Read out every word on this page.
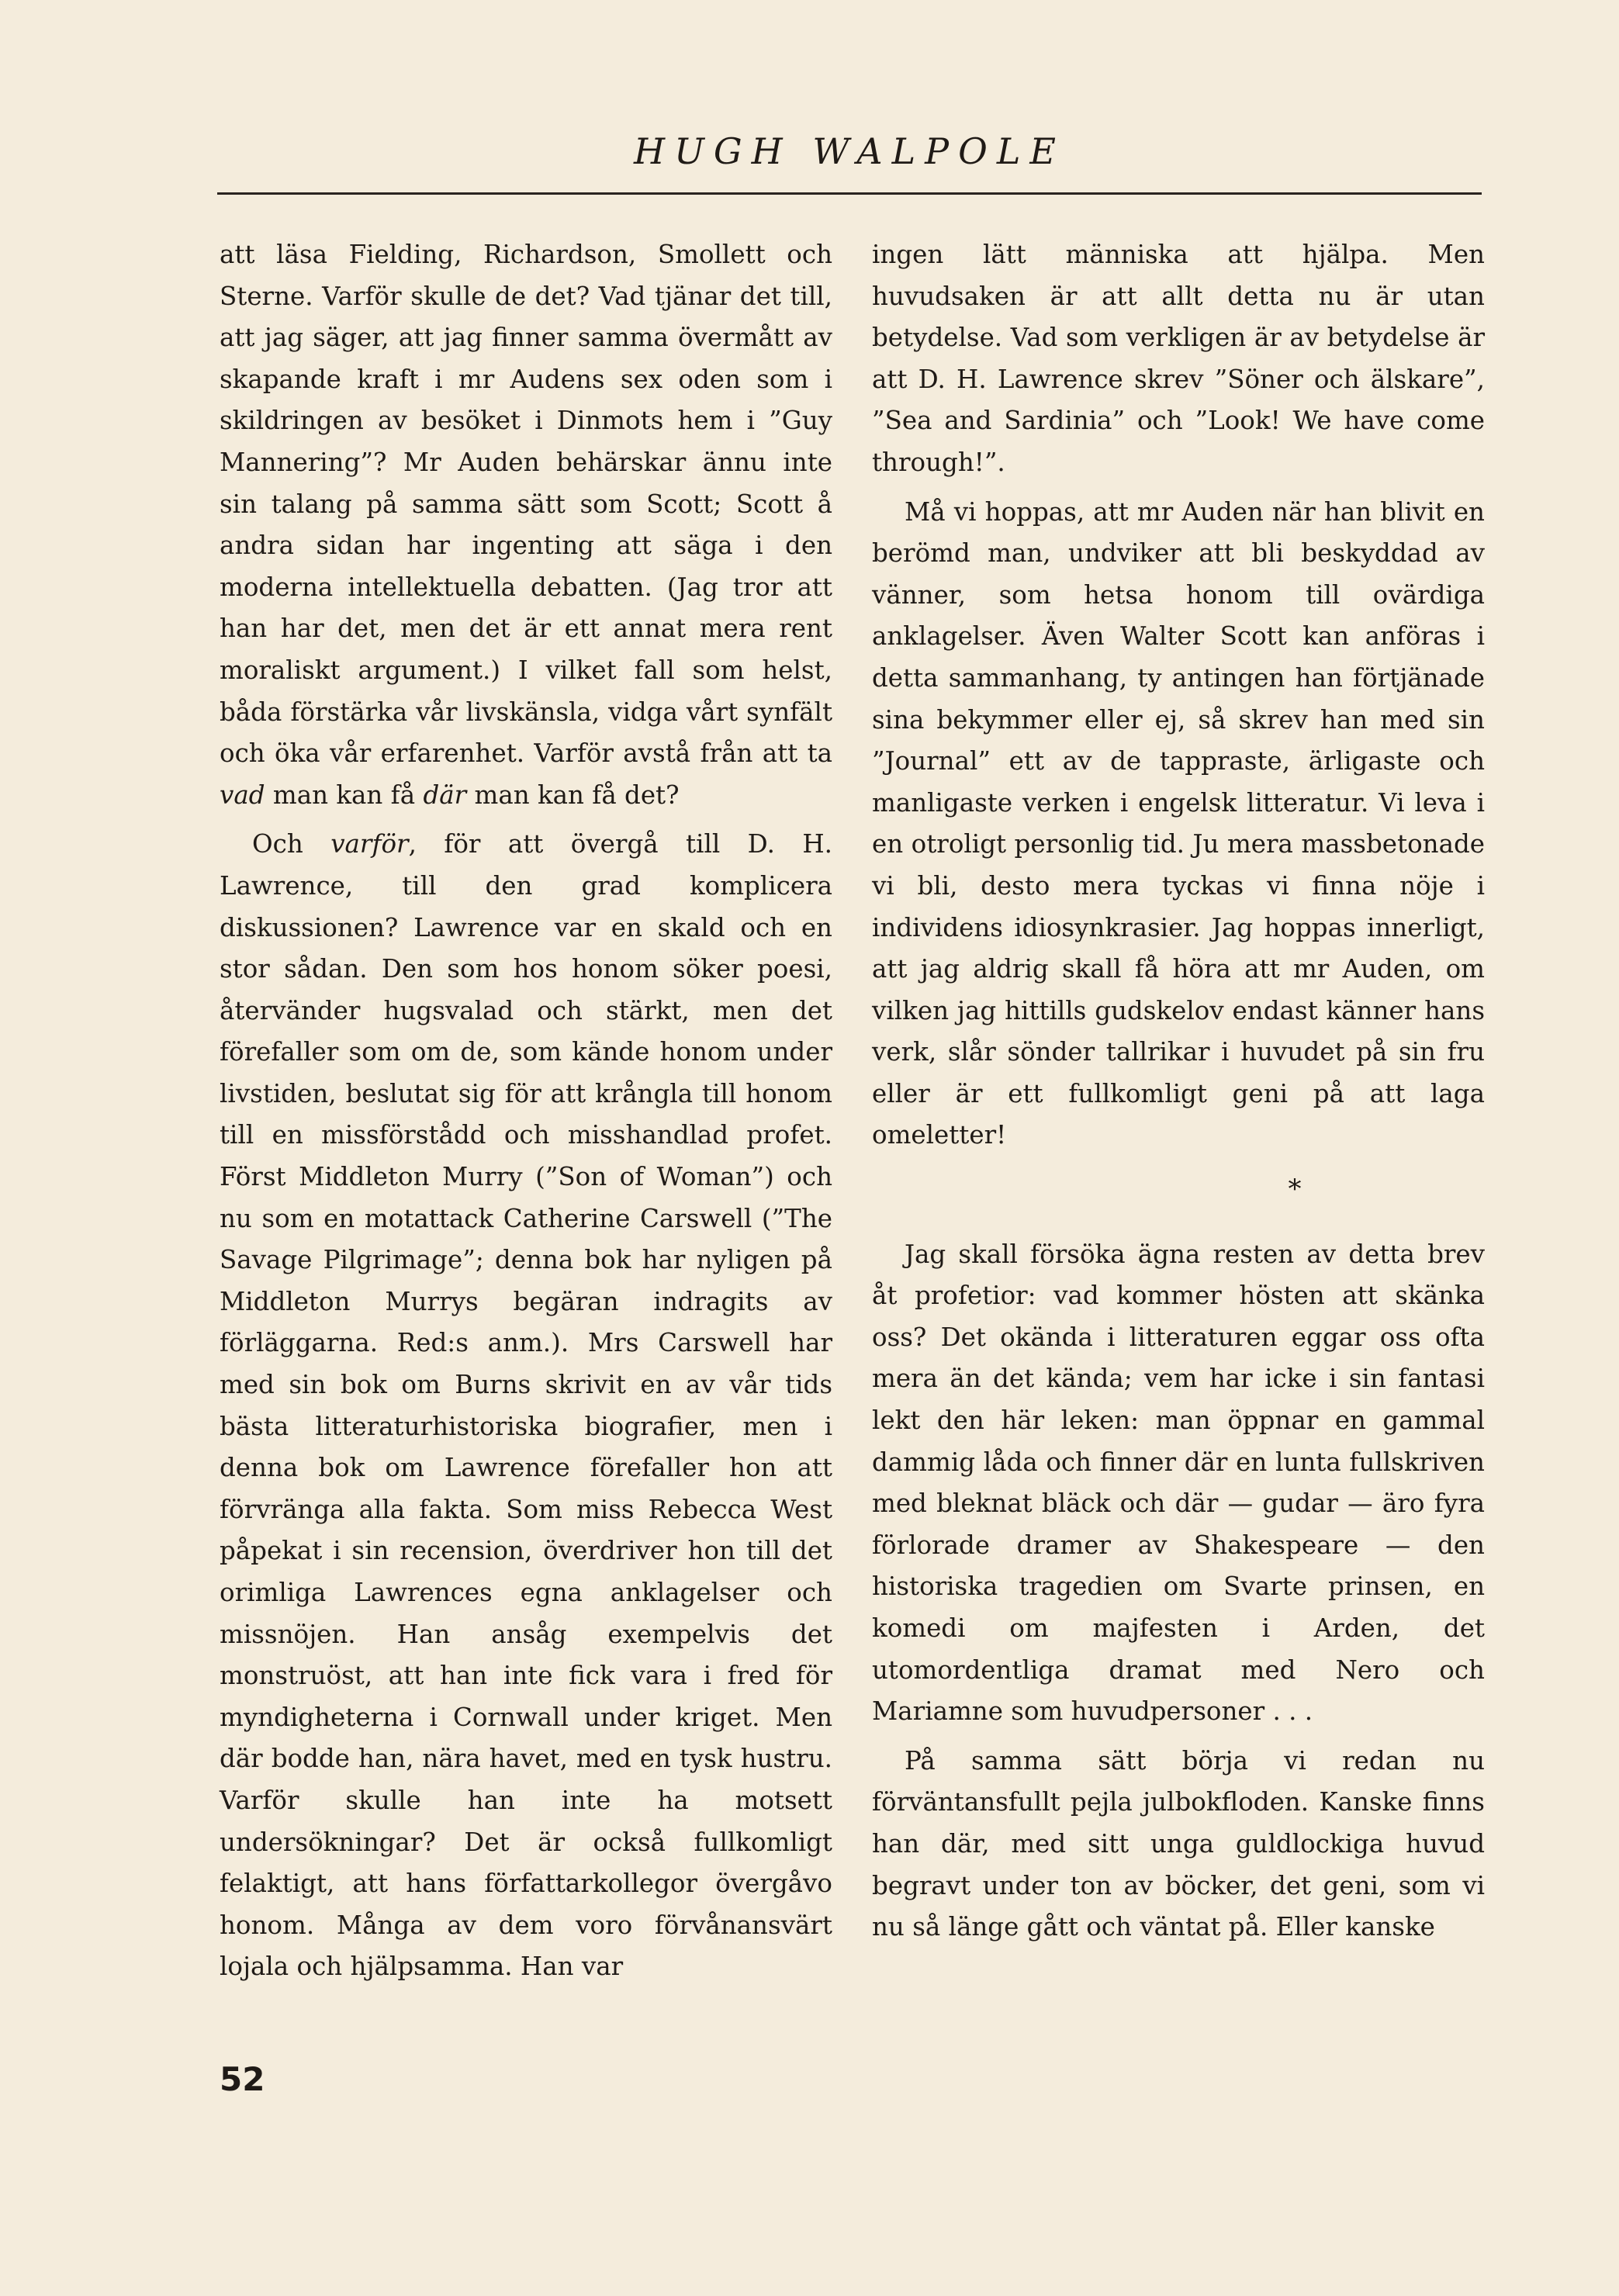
HUGH WALPOLE

att läsa Fielding, Richardson, Smollett och Sterne. Varför skulle de det? Vad tjänar det till, att jag säger, att jag finner samma övermått av skapande kraft i mr Audens sex oden som i skildringen av besöket i Dinmots hem i ”Guy Mannering”? Mr Auden behärskar ännu inte sin talang på samma sätt som Scott; Scott å andra sidan har ingenting att säga i den moderna intellektuella debatten. (Jag tror att han har det, men det är ett annat mera rent moraliskt argument.) I vilket fall som helst, båda förstärka vår livskänsla, vidga vårt synfält och öka vår erfarenhet. Varför avstå från att ta vad man kan få där man kan få det?

Och varför, för att övergå till D. H. Lawrence, till den grad komplicera diskussionen? Lawrence var en skald och en stor sådan. Den som hos honom söker poesi, återvänder hugsvalad och stärkt, men det förefaller som om de, som kände honom under livstiden, beslutat sig för att krångla till honom till en missförstådd och misshandlad profet. Först Middleton Murry (”Son of Woman”) och nu som en motattack Catherine Carswell (”The Savage Pilgrimage”; denna bok har nyligen på Middleton Murrys begäran indragits av förläggarna. Red:s anm.). Mrs Carswell har med sin bok om Burns skrivit en av vår tids bästa litteraturhistoriska biografier, men i denna bok om Lawrence förefaller hon att förvränga alla fakta. Som miss Rebecca West påpekat i sin recension, överdriver hon till det orimliga Lawrences egna anklagelser och missnöjen. Han ansåg exempelvis det monstruöst, att han inte fick vara i fred för myndigheterna i Cornwall under kriget. Men där bodde han, nära havet, med en tysk hustru. Varför skulle han inte ha motsett undersökningar? Det är också fullkomligt felaktigt, att hans författarkollegor övergåvo honom. Många av dem voro förvånansvärt lojala och hjälpsamma. Han var

ingen lätt människa att hjälpa. Men huvudsaken är att allt detta nu är utan betydelse. Vad som verkligen är av betydelse är att D. H. Lawrence skrev ”Söner och älskare”, ”Sea and Sardinia” och ”Look! We have come through!”.

Må vi hoppas, att mr Auden när han blivit en berömd man, undviker att bli beskyddad av vänner, som hetsa honom till ovärdiga anklagelser. Även Walter Scott kan anföras i detta sammanhang, ty antingen han förtjänade sina bekymmer eller ej, så skrev han med sin ”Journal” ett av de tappraste, ärligaste och manligaste verken i engelsk litteratur. Vi leva i en otroligt personlig tid. Ju mera massbetonade vi bli, desto mera tyckas vi finna nöje i individens idiosynkrasier. Jag hoppas innerligt, att jag aldrig skall få höra att mr Auden, om vilken jag hittills gudskelov endast känner hans verk, slår sönder tallrikar i huvudet på sin fru eller är ett fullkomligt geni på att laga omeletter!

*

Jag skall försöka ägna resten av detta brev åt profetior: vad kommer hösten att skänka oss? Det okända i litteraturen eggar oss ofta mera än det kända; vem har icke i sin fantasi lekt den här leken: man öppnar en gammal dammig låda och finner där en lunta fullskriven med bleknat bläck och där — gudar — äro fyra förlorade dramer av Shakespeare — den historiska tragedien om Svarte prinsen, en komedi om majfesten i Arden, det utomordentliga dramat med Nero och Mariamne som huvudpersoner . . .

På samma sätt börja vi redan nu förväntansfullt pejla julbokfloden. Kanske finns han där, med sitt unga guldlockiga huvud begravt under ton av böcker, det geni, som vi nu så länge gått och väntat på. Eller kanske

52
